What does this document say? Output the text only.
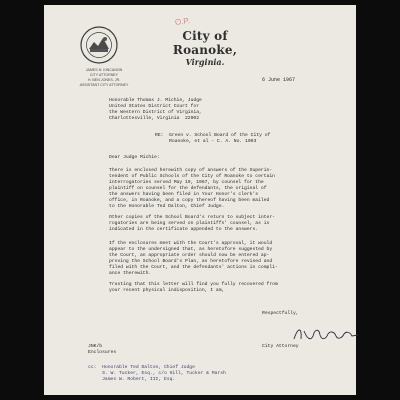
O.P.
City of Roanoke,
Virginia.
JAMES N. KINCANON
CITY ATTORNEY
H. BEN JONES, JR.
ASSISTANT CITY ATTORNEY
6 June 1967
Honorable Thomas J. Michie, Judge
United States District Court for
the Western District of Virginia,
Charlottesville, Virginia  22902
RE:  Green v. School Board of the City of
Roanoke, et al - C. A. No. 1093
Dear Judge Michie:
There is enclosed herewith copy of answers of the Superin-
tendent of Public Schools of the City of Roanoke to certain
interrogatories served May 19, 1967, by counsel for the
plaintiff on counsel for the defendants, the original of
the answers having been filed in Your Honor's clerk's
office, in Roanoke, and a copy thereof having been mailed
to the Honorable Ted Dalton, Chief Judge.
Other copies of the School Board's return to subject inter-
rogatories are being served on plaintiffs' counsel, as is
indicated in the certificate appended to the answers.
If the enclosures meet with the Court's approval, it would
appear to the undersigned that, as heretofore suggested by
the Court, an appropriate order should now be entered ap-
proving the School Board's Plan, as heretofore revised and
filed with the Court, and the defendants' actions in compli-
ance therewith.
Trusting that this letter will find you fully recovered from
your recent physical indisposition, I am,
Respectfully,
City Attorney
JNK/b
Enclosures
cc:  Honorable Ted Dalton, Chief Judge
S. W. Tucker, Esq., c/o Hill, Tucker & Marsh
James W. Robert, III, Esq.
